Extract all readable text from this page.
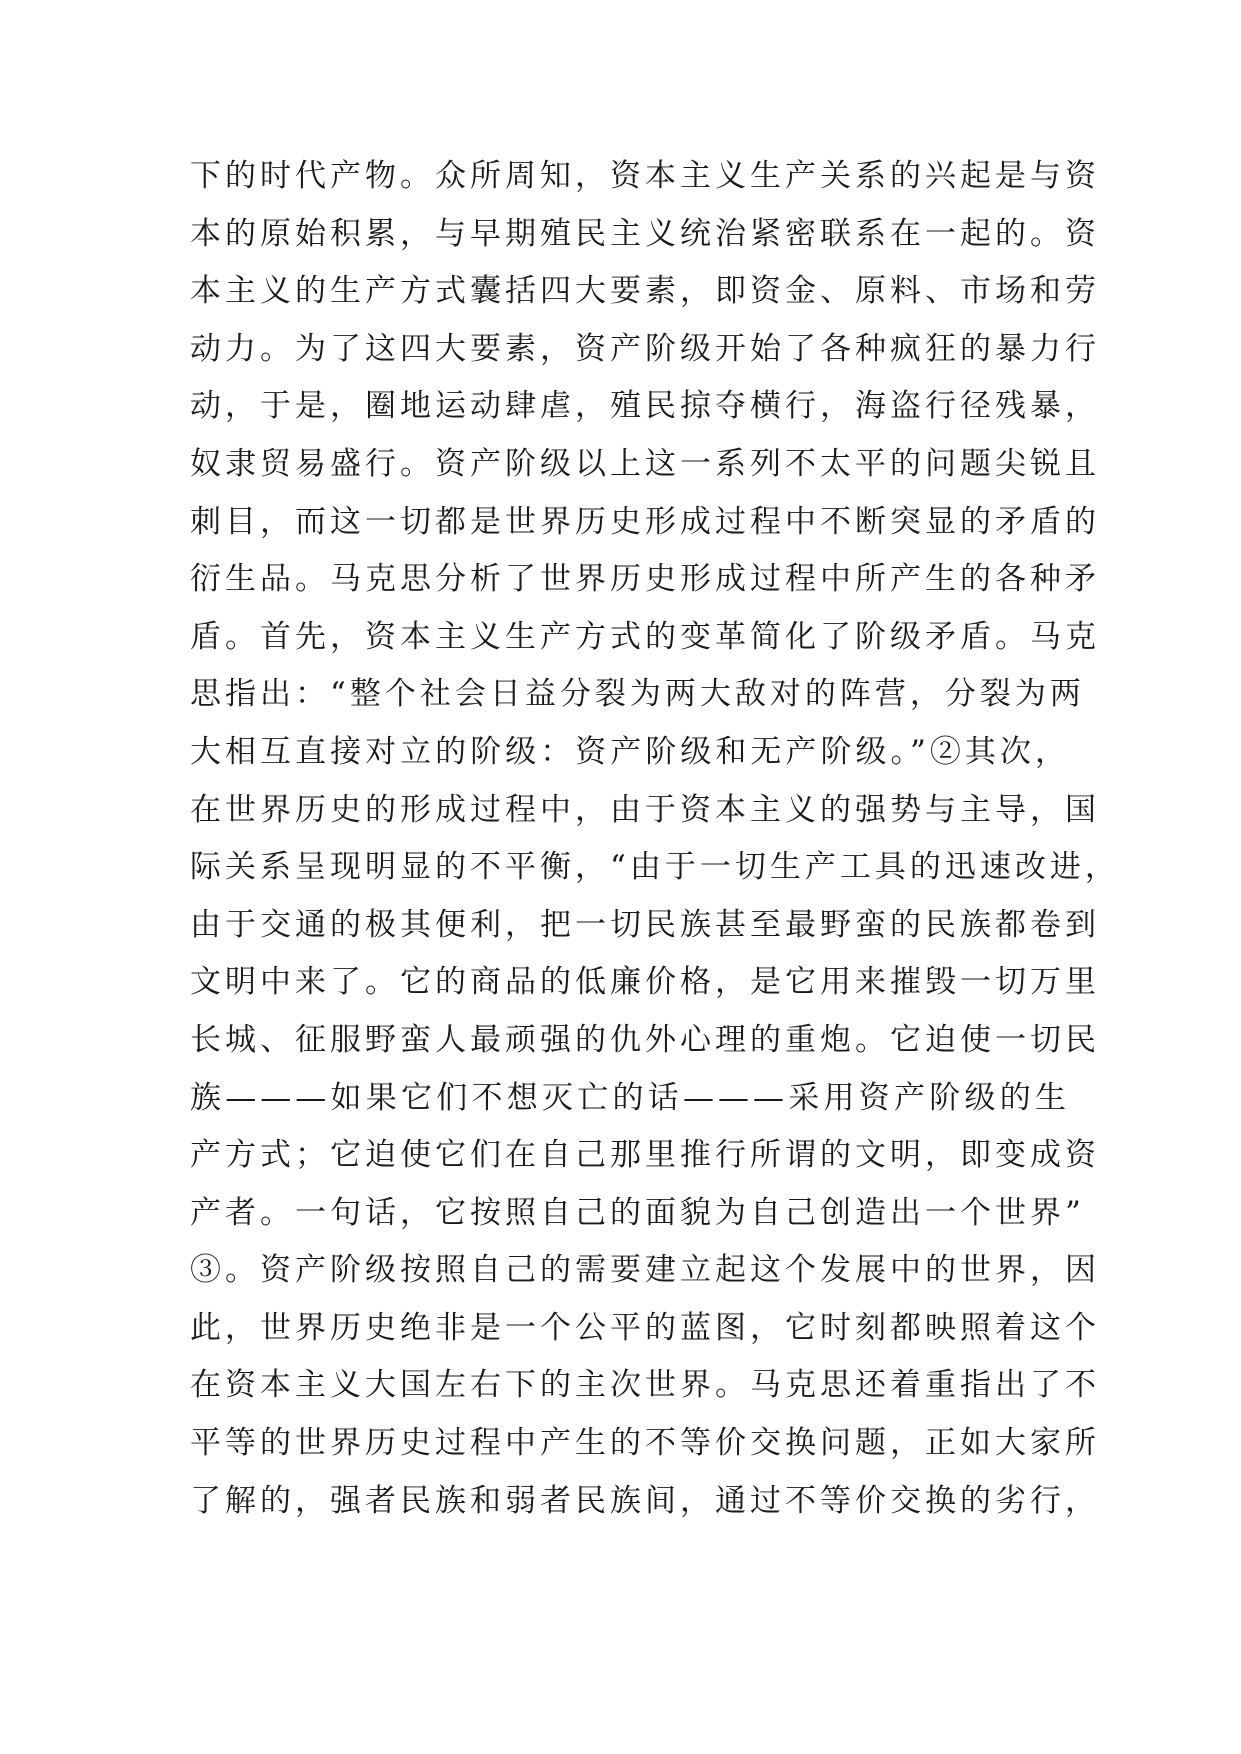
下的时代产物。众所周知，资本主义生产关系的兴起是与资
本的原始积累，与早期殖民主义统治紧密联系在一起的。资
本主义的生产方式囊括四大要素，即资金、原料、市场和劳
动力。为了这四大要素，资产阶级开始了各种疯狂的暴力行
动，于是，圈地运动肆虐，殖民掠夺横行，海盗行径残暴，
奴隶贸易盛行。资产阶级以上这一系列不太平的问题尖锐且
刺目，而这一切都是世界历史形成过程中不断突显的矛盾的
衍生品。马克思分析了世界历史形成过程中所产生的各种矛
盾。首先，资本主义生产方式的变革简化了阶级矛盾。马克
思指出：“整个社会日益分裂为两大敌对的阵营，分裂为两
大相互直接对立的阶级：资产阶级和无产阶级。”②其次，
在世界历史的形成过程中，由于资本主义的强势与主导，国
际关系呈现明显的不平衡，“由于一切生产工具的迅速改进，
由于交通的极其便利，把一切民族甚至最野蛮的民族都卷到
文明中来了。它的商品的低廉价格，是它用来摧毁一切万里
长城、征服野蛮人最顽强的仇外心理的重炮。它迫使一切民
族———如果它们不想灭亡的话———采用资产阶级的生
产方式；它迫使它们在自己那里推行所谓的文明，即变成资
产者。一句话，它按照自己的面貌为自己创造出一个世界”
③。资产阶级按照自己的需要建立起这个发展中的世界，因
此，世界历史绝非是一个公平的蓝图，它时刻都映照着这个
在资本主义大国左右下的主次世界。马克思还着重指出了不
平等的世界历史过程中产生的不等价交换问题，正如大家所
了解的，强者民族和弱者民族间，通过不等价交换的劣行，
